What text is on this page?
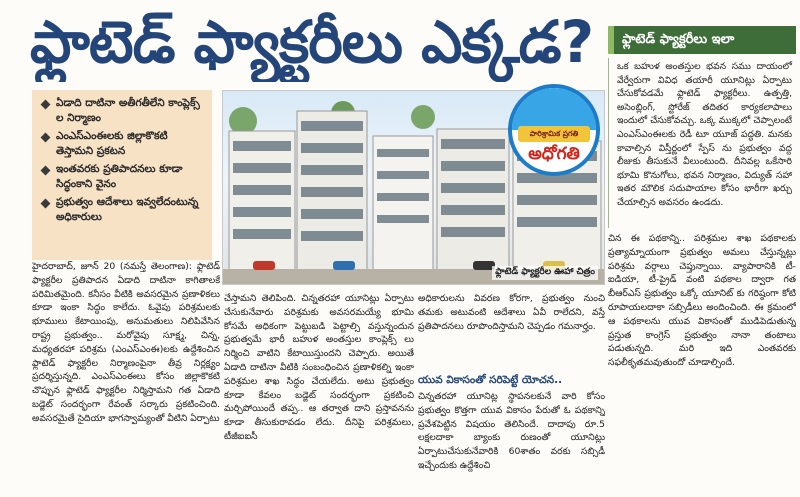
ఫ్లాటెడ్ ఫ్యాక్టరీలు ఎక్కడ?	ఫ్లాటెడ్ ఫ్యాక్టరీలు ఇలా

ఒక బహుళ అంతస్తుల భవన సము దాయంలో వేర్వేరుగా వివిధ తయారీ యూనిట్లు ఏర్పాటు చేసుకోవడమే ఫ్లాటెడ్ ఫ్యాక్టరీలు. ఉత్పత్తి, అసెంబ్లింగ్, స్టోరేజ్ తదితర కార్యకలాపాలు ఇందులో చేసుకోవచ్చు. ఒక్క ముక్కలో చెప్పాలంటే ఎంఎస్ఎంఈలకు రెడీ టూ యూజ్ పద్ధతి. మనకు కావాల్సిన విస్తీర్ణంలో స్పేస్ ను ప్రభుత్వం వద్ద లీజుకు తీసుకునే వీలుంటుంది. దీనివల్ల ఒకేసారి భూమి కొనుగోలు, భవన నిర్మాణం, విద్యుత్ సహా ఇతర మౌలిక సదుపాయాల కోసం భారీగా ఖర్చు చేయాల్సిన అవసరం ఉండదు.

ఏడాది దాటినా అతీగతీలేని కాంప్లెక్స్ ల నిర్మాణం
ఎంఎస్ఎంఈలకు జిల్లాకొకటి తెస్తామని ప్రకటన
ఇంతవరకు ప్రతిపాదనలు కూడా సిద్ధంకాని వైనం
ప్రభుత్వం ఆదేశాలు ఇవ్వలేదంటున్న అధికారులు
ఫ్లాటెడ్ ఫ్యాక్టరీల ఊహా చిత్రం
పారిశ్రామిక ప్రగతి
అధోగతి

హైదరాబాద్, జూన్ 20 (నమస్తే తెలంగాణ): ఫ్లాటెడ్ ఫ్యాక్టరీల ప్రతిపాదన ఏడాది దాటినా కాగితాలకే పరిమితమైంది. కనీసం వీటికి అవసరమైన ప్రణాళికలు కూడా ఇంకా సిద్ధం కాలేదు. ఓవైపు పరిశ్రమలకు భూములు కేటాయింపు, అనుమతులు నిలిపివేసిన రాష్ట్ర ప్రభుత్వం.. మరోవైపు సూక్ష్మ, చిన్న, మధ్యతరహా పరిశ్రమ (ఎంఎస్ఎంఈ)లకు ఉద్దేశించిన ఫ్లాటెడ్ ఫ్యాక్టరీల నిర్మాణంపైనా తీవ్ర నిర్లక్ష్యం ప్రదర్శిస్తున్నది. ఎంఎస్ఎంఈలు కోసం జిల్లాకొకటి చొప్పున ఫ్లాటెడ్ ఫ్యాక్టరీల నిర్మిస్తామని గత ఏడాది బడ్జెట్ సందర్భంగా రేవంత్ సర్కారు ప్రకటించింది. అవసరమైతే సైదియా భాగస్వామ్యంతో వీటిని ఏర్పాటు

చేస్తామని తెలిపింది. చిన్నతరహా యూనిట్లు ఏర్పాటు చేసుకునేవారు పరిశ్రమకు అవసరమయ్యే భూమి కోసమే అధికంగా పెట్టుబడి పెట్టాల్సి వస్తున్నందున ప్రభుత్వమే భారీ బహుళ అంతస్తుల కాంప్లెక్స్ లు నిర్మించి వాటిని కేటాయిస్తుందని చెప్పారు. అయితే ఏడాది దాటినా వీటికి సంబంధించిన ప్రణాళికల్ని ఇంకా పరిశ్రమల శాఖ సిద్ధం చేయలేదు. అటు ప్రభుత్వం కూడా కేవలం బడ్జెట్ సందర్భంగా ప్రకటించి మర్చిపోయిందే తప్ప.. ఆ తర్వాత దాని ప్రస్తావనను కూడా తీసుకురావడం లేదు. దీనిపై పరిశ్రమలు, టీజీఐఐసీ

అధికారులను వివరణ కోరగా, ప్రభుత్వం నుంచి తమకు అటువంటి ఆదేశాలు ఏవీ రాలేదని, వస్తే ప్రతిపాదనలు రూపొందిస్తామని చెప్పడం గమనార్హం.

యువ వికాసంతో సరిపెట్టే యోచన..

చిన్నతరహా యూనిట్ల స్థాపనలకునే వారి కోసం ప్రభుత్వం కొత్తగా యువ వికాసం పేరుతో ఓ పథకాన్ని ప్రవేశపెట్టిన విషయం తెలిసిందే. దాదాపు రూ.5 లక్షలదాకా బ్యాంకు రుణంతో యూనిట్లు ఏర్పాటుచేసుకునేవారికి 60శాతం వరకు సబ్సిడీ ఇచ్చేందుకు ఉద్దేశించి

చిన ఈ పథకాన్ని.. పరిశ్రమల శాఖ పథకాలకు ప్రత్యామ్నాయంగా ప్రభుత్వం అమలు చేస్తున్నట్లు పరిశ్రమ వర్గాలు చెప్తున్నాయి. వ్యాపారానికి టీ-ఐడియా, టీ-ప్రైడ్ వంటి పథకాల ద్వారా గత బీఆర్ఎస్ ప్రభుత్వం ఒక్కో యూనిట్ కు గరిష్ఠంగా కోటి రూపాయలదాకా సబ్సిడీలు అందించింది. ఈ క్రమంలో ఆ పథకాలను యువ వికాసంతో ముడిపెడుతున్న ప్రస్తుత కాంగ్రెస్ ప్రభుత్వం నానా తంటాలు పడుతున్నది. మరి ఇది ఎంతవరకు సఫలీకృతమవుతుందో చూడాల్సిందే.
